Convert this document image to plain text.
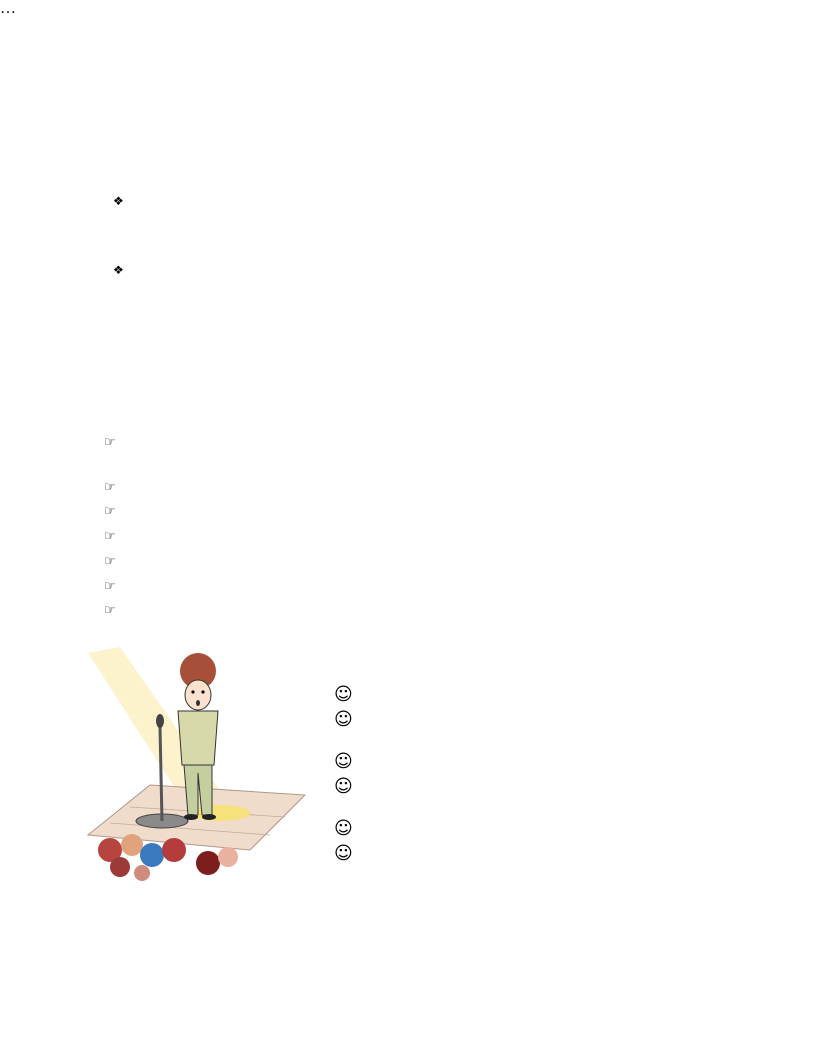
❖
❖

☞
☞
☞
☞
☞
☞
☞
☺
☺
☺
☺
☺
☺

…
